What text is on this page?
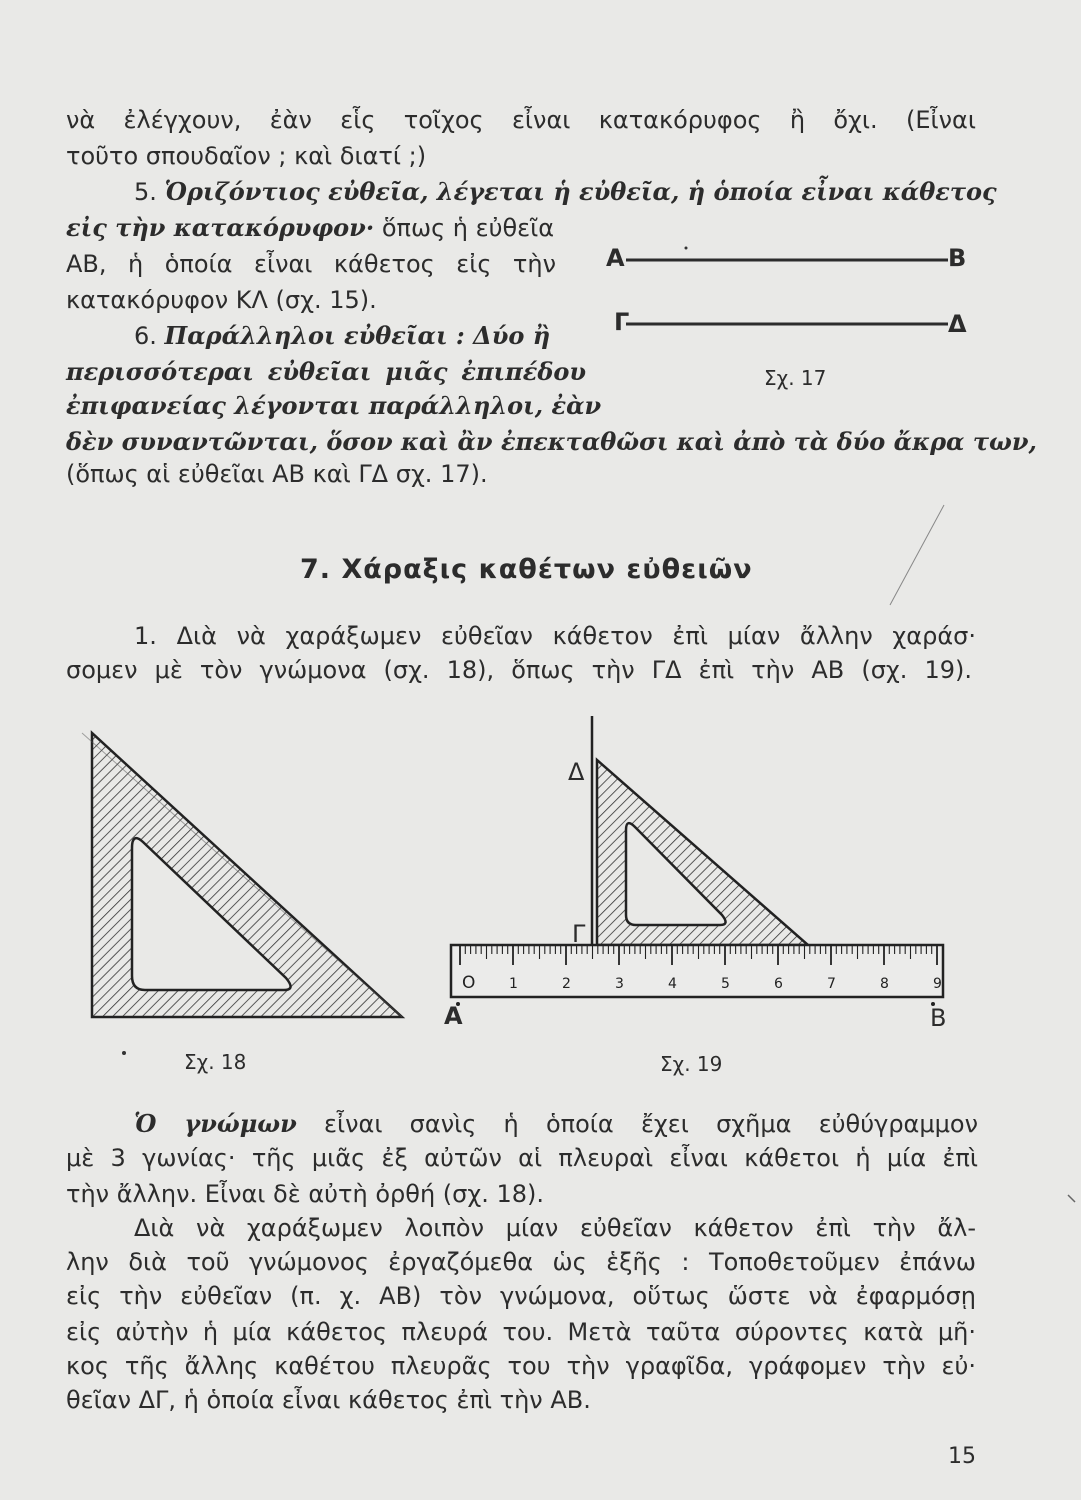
νὰ ἐλέγχουν, ἐὰν εἷς τοῖχος εἶναι κατακόρυφος ἢ ὄχι. (Εἶναι
τοῦτο σπουδαῖον ; καὶ διατί ;)
5. Ὁριζόντιος εὐθεῖα, λέγεται ἡ εὐθεῖα, ἡ ὁποία εἶναι κάθετος
εἰς τὴν κατακόρυφον· ὅπως ἡ εὐθεῖα
ΑΒ, ἡ ὁποία εἶναι κάθετος εἰς τὴν
κατακόρυφον ΚΛ (σχ. 15).
6. Παράλληλοι εὐθεῖαι : Δύο ἢ
περισσότεραι εὐθεῖαι μιᾶς ἐπιπέδου
ἐπιφανείας λέγονται παράλληλοι, ἐὰν
δὲν συναντῶνται, ὅσον καὶ ἂν ἐπεκταθῶσι καὶ ἀπὸ τὰ δύο ἄκρα των,
(ὅπως αἱ εὐθεῖαι ΑΒ καὶ ΓΔ σχ. 17).
Α	Β
Γ	Δ
Σχ. 17
7. Χάραξις καθέτων εὐθειῶν
1. Διὰ νὰ χαράξωμεν εὐθεῖαν κάθετον ἐπὶ μίαν ἄλλην χαράσ·
σομεν μὲ τὸν γνώμονα (σχ. 18), ὅπως τὴν ΓΔ ἐπὶ τὴν ΑΒ (σχ. 19).
O 1	2	3	4	5	6	7	8	9
Δ
Γ
Α	Β
Σχ. 18	Σχ. 19
Ὁ γνώμων εἶναι σανὶς ἡ ὁποία ἔχει σχῆμα εὐθύγραμμον
μὲ 3 γωνίας· τῆς μιᾶς ἐξ αὐτῶν αἱ πλευραὶ εἶναι κάθετοι ἡ μία ἐπὶ
τὴν ἄλλην. Εἶναι δὲ αὐτὴ ὀρθή (σχ. 18).
Διὰ νὰ χαράξωμεν λοιπὸν μίαν εὐθεῖαν κάθετον ἐπὶ τὴν ἄλ-
λην διὰ τοῦ γνώμονος ἐργαζόμεθα ὡς ἑξῆς : Τοποθετοῦμεν ἐπάνω
εἰς τὴν εὐθεῖαν (π. χ. ΑΒ) τὸν γνώμονα, οὕτως ὥστε νὰ ἐφαρμόσῃ
εἰς αὐτὴν ἡ μία κάθετος πλευρά του. Μετὰ ταῦτα σύροντες κατὰ μῆ·
κος τῆς ἄλλης καθέτου πλευρᾶς του τὴν γραφῖδα, γράφομεν τὴν εὐ·
θεῖαν ΔΓ, ἡ ὁποία εἶναι κάθετος ἐπὶ τὴν ΑΒ.
15
